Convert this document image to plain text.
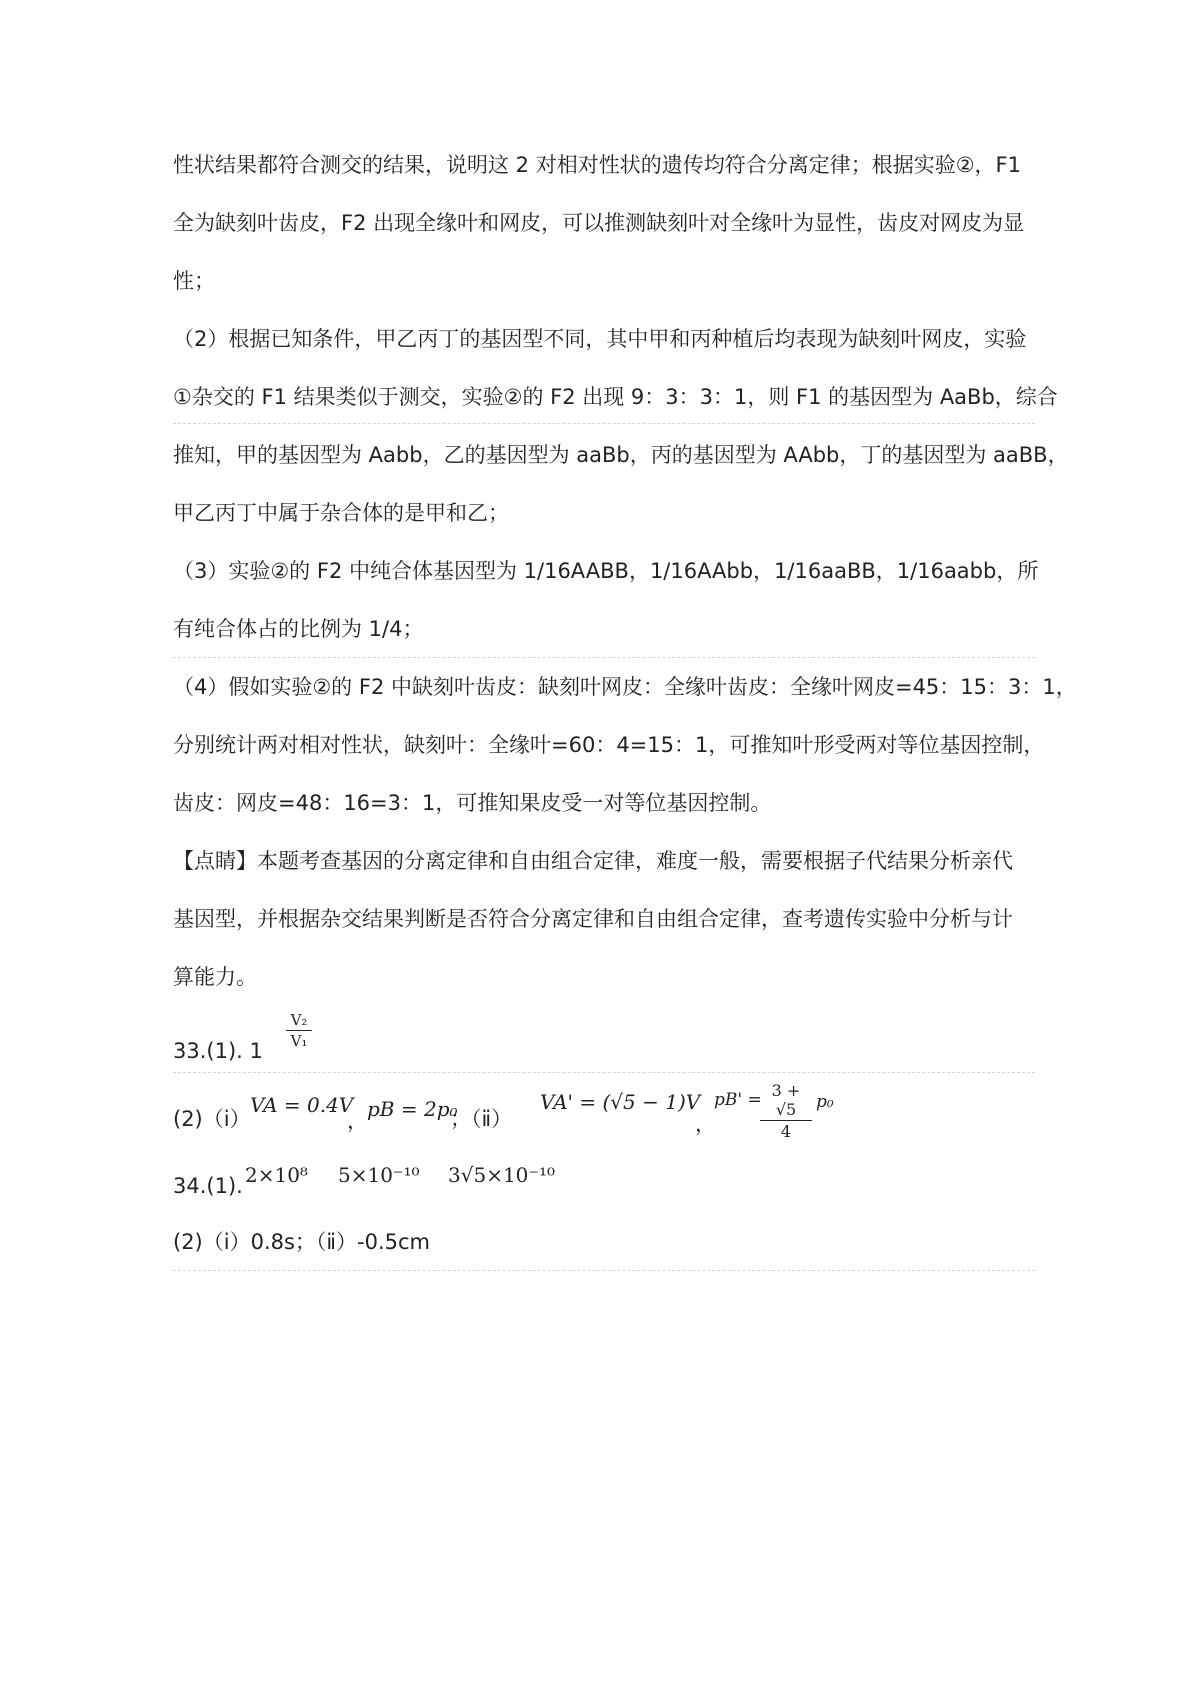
性状结果都符合测交的结果，说明这 2 对相对性状的遗传均符合分离定律；根据实验②，F1
全为缺刻叶齿皮，F2 出现全缘叶和网皮，可以推测缺刻叶对全缘叶为显性，齿皮对网皮为显
性；
（2）根据已知条件，甲乙丙丁的基因型不同，其中甲和丙种植后均表现为缺刻叶网皮，实验
①杂交的 F1 结果类似于测交，实验②的 F2 出现 9：3：3：1，则 F1 的基因型为 AaBb，综合
推知，甲的基因型为 Aabb，乙的基因型为 aaBb，丙的基因型为 AAbb，丁的基因型为 aaBB，
甲乙丙丁中属于杂合体的是甲和乙；
（3）实验②的 F2 中纯合体基因型为 1/16AABB，1/16AAbb，1/16aaBB，1/16aabb，所
有纯合体占的比例为 1/4；
（4）假如实验②的 F2 中缺刻叶齿皮：缺刻叶网皮：全缘叶齿皮：全缘叶网皮=45：15：3：1，
分别统计两对相对性状，缺刻叶：全缘叶=60：4=15：1，可推知叶形受两对等位基因控制，
齿皮：网皮=48：16=3：1，可推知果皮受一对等位基因控制。
【点睛】本题考查基因的分离定律和自由组合定律，难度一般，需要根据子代结果分析亲代
基因型，并根据杂交结果判断是否符合分离定律和自由组合定律，查考遗传实验中分析与计
算能力。
33.(1). 1
$\frac{\text{V₂}}{\text{V₁}}$
(2)（ⅰ）
VA = 0.4V
， pB = 2p₀
；（ⅱ）
VA' = (√5 − 1)V
，
pB' =
$\frac{3 + √5}{4} p_0$
34.(1). 2×10⁸ 5×10⁻¹⁰ 3√5×10⁻¹⁰
(2)（ⅰ）0.8s；（ⅱ）-0.5cm
